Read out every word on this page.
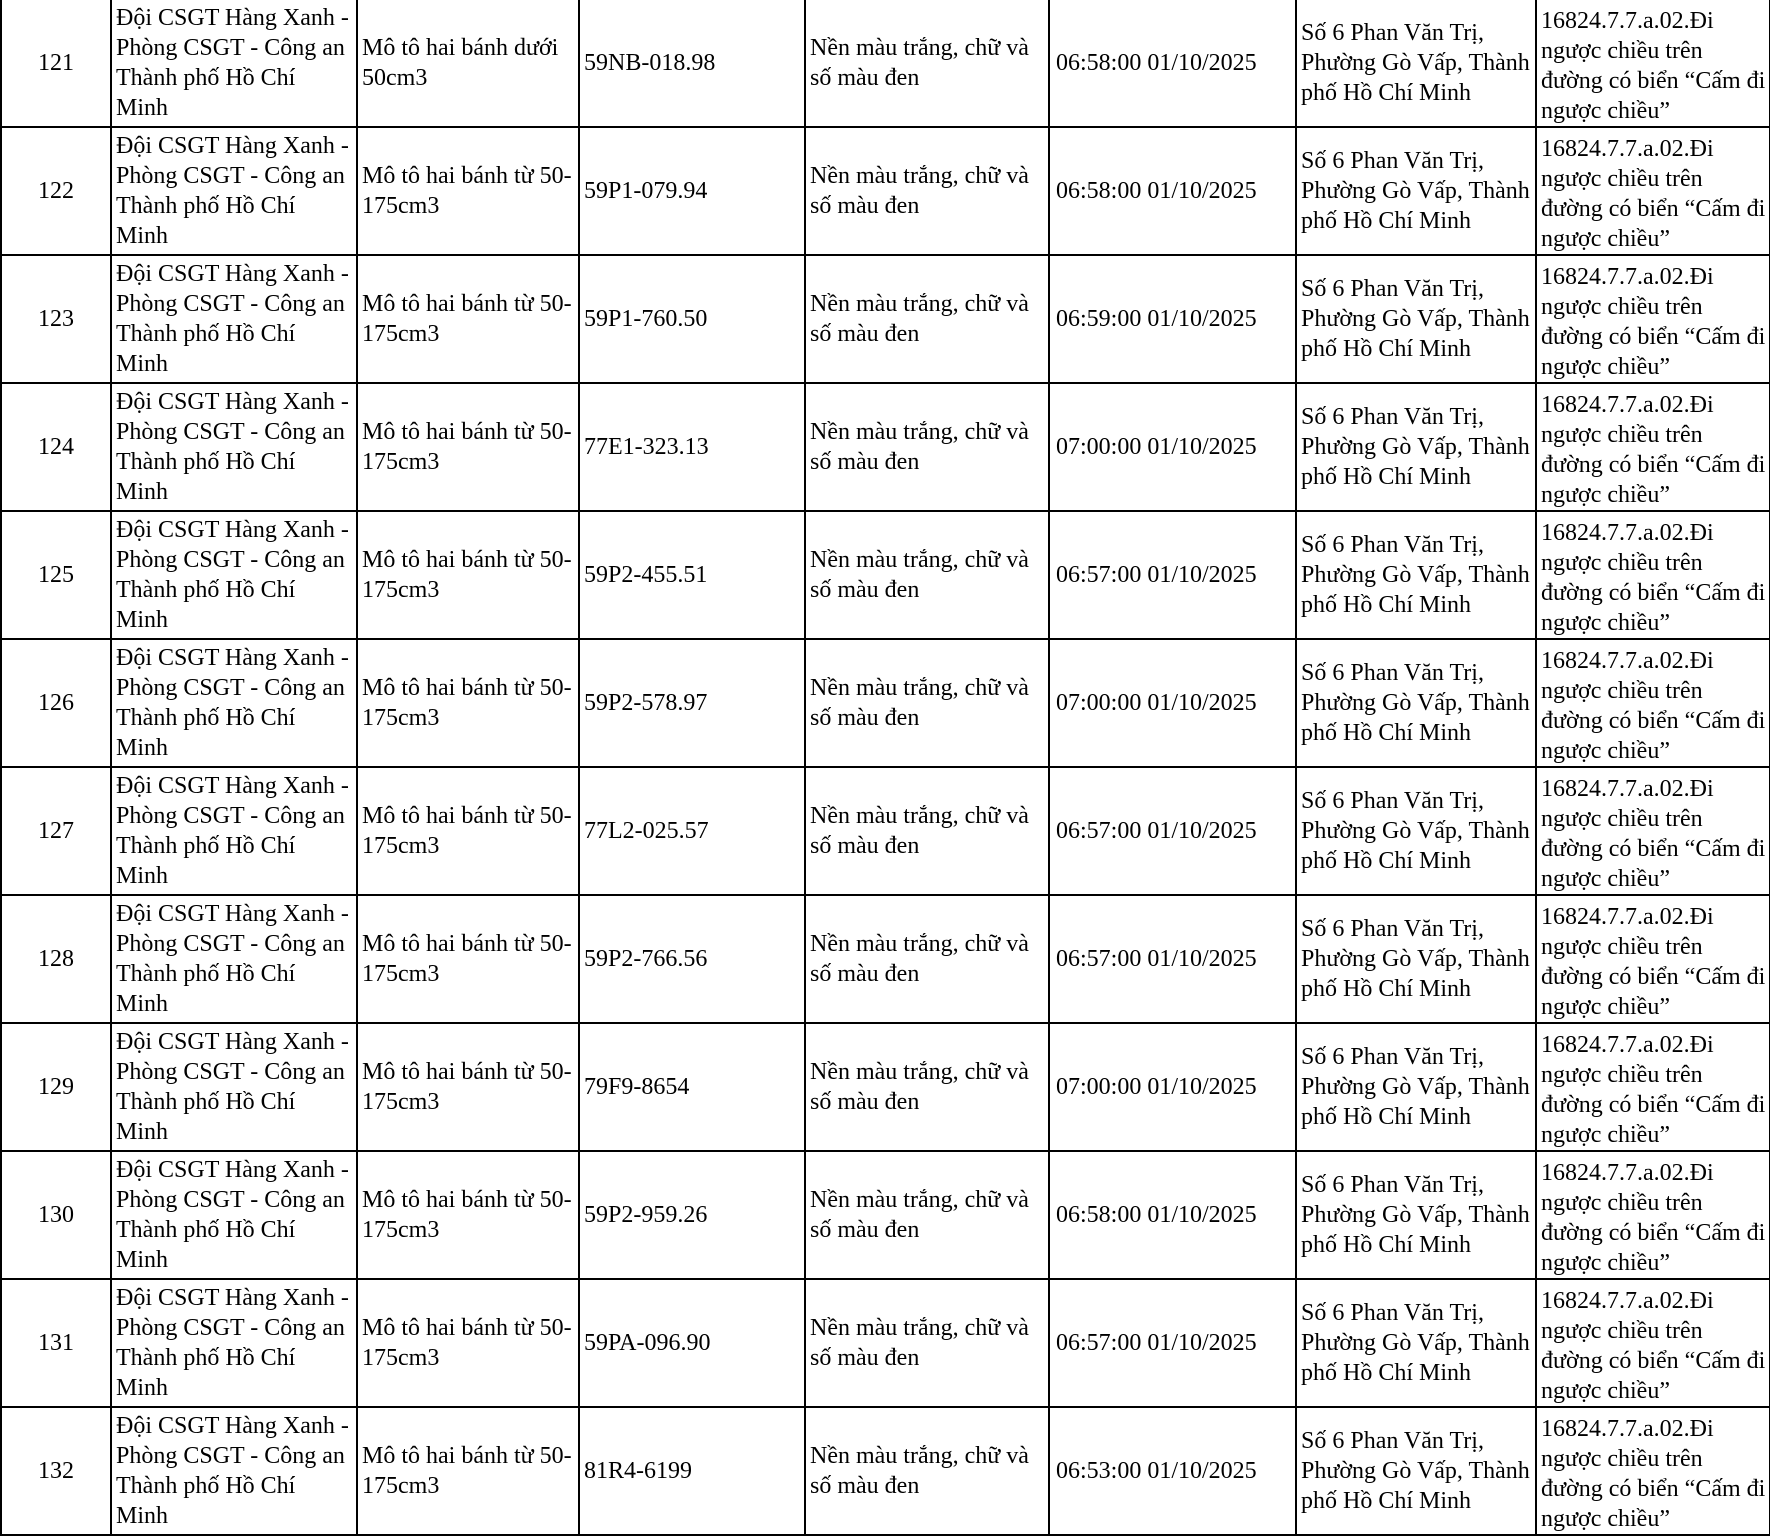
121	Đội CSGT Hàng Xanh - Phòng CSGT - Công an Thành phố Hồ Chí Minh	Mô tô hai bánh dưới 50cm3	59NB-018.98	Nền màu trắng, chữ và số màu đen	06:58:00 01/10/2025	Số 6 Phan Văn Trị, Phường Gò Vấp, Thành phố Hồ Chí Minh	16824.7.7.a.02.Đi ngược chiều trên đường có biển “Cấm đi ngược chiều”
122	Đội CSGT Hàng Xanh - Phòng CSGT - Công an Thành phố Hồ Chí Minh	Mô tô hai bánh từ 50-175cm3	59P1-079.94	Nền màu trắng, chữ và số màu đen	06:58:00 01/10/2025	Số 6 Phan Văn Trị, Phường Gò Vấp, Thành phố Hồ Chí Minh	16824.7.7.a.02.Đi ngược chiều trên đường có biển “Cấm đi ngược chiều”
123	Đội CSGT Hàng Xanh - Phòng CSGT - Công an Thành phố Hồ Chí Minh	Mô tô hai bánh từ 50-175cm3	59P1-760.50	Nền màu trắng, chữ và số màu đen	06:59:00 01/10/2025	Số 6 Phan Văn Trị, Phường Gò Vấp, Thành phố Hồ Chí Minh	16824.7.7.a.02.Đi ngược chiều trên đường có biển “Cấm đi ngược chiều”
124	Đội CSGT Hàng Xanh - Phòng CSGT - Công an Thành phố Hồ Chí Minh	Mô tô hai bánh từ 50-175cm3	77E1-323.13	Nền màu trắng, chữ và số màu đen	07:00:00 01/10/2025	Số 6 Phan Văn Trị, Phường Gò Vấp, Thành phố Hồ Chí Minh	16824.7.7.a.02.Đi ngược chiều trên đường có biển “Cấm đi ngược chiều”
125	Đội CSGT Hàng Xanh - Phòng CSGT - Công an Thành phố Hồ Chí Minh	Mô tô hai bánh từ 50-175cm3	59P2-455.51	Nền màu trắng, chữ và số màu đen	06:57:00 01/10/2025	Số 6 Phan Văn Trị, Phường Gò Vấp, Thành phố Hồ Chí Minh	16824.7.7.a.02.Đi ngược chiều trên đường có biển “Cấm đi ngược chiều”
126	Đội CSGT Hàng Xanh - Phòng CSGT - Công an Thành phố Hồ Chí Minh	Mô tô hai bánh từ 50-175cm3	59P2-578.97	Nền màu trắng, chữ và số màu đen	07:00:00 01/10/2025	Số 6 Phan Văn Trị, Phường Gò Vấp, Thành phố Hồ Chí Minh	16824.7.7.a.02.Đi ngược chiều trên đường có biển “Cấm đi ngược chiều”
127	Đội CSGT Hàng Xanh - Phòng CSGT - Công an Thành phố Hồ Chí Minh	Mô tô hai bánh từ 50-175cm3	77L2-025.57	Nền màu trắng, chữ và số màu đen	06:57:00 01/10/2025	Số 6 Phan Văn Trị, Phường Gò Vấp, Thành phố Hồ Chí Minh	16824.7.7.a.02.Đi ngược chiều trên đường có biển “Cấm đi ngược chiều”
128	Đội CSGT Hàng Xanh - Phòng CSGT - Công an Thành phố Hồ Chí Minh	Mô tô hai bánh từ 50-175cm3	59P2-766.56	Nền màu trắng, chữ và số màu đen	06:57:00 01/10/2025	Số 6 Phan Văn Trị, Phường Gò Vấp, Thành phố Hồ Chí Minh	16824.7.7.a.02.Đi ngược chiều trên đường có biển “Cấm đi ngược chiều”
129	Đội CSGT Hàng Xanh - Phòng CSGT - Công an Thành phố Hồ Chí Minh	Mô tô hai bánh từ 50-175cm3	79F9-8654	Nền màu trắng, chữ và số màu đen	07:00:00 01/10/2025	Số 6 Phan Văn Trị, Phường Gò Vấp, Thành phố Hồ Chí Minh	16824.7.7.a.02.Đi ngược chiều trên đường có biển “Cấm đi ngược chiều”
130	Đội CSGT Hàng Xanh - Phòng CSGT - Công an Thành phố Hồ Chí Minh	Mô tô hai bánh từ 50-175cm3	59P2-959.26	Nền màu trắng, chữ và số màu đen	06:58:00 01/10/2025	Số 6 Phan Văn Trị, Phường Gò Vấp, Thành phố Hồ Chí Minh	16824.7.7.a.02.Đi ngược chiều trên đường có biển “Cấm đi ngược chiều”
131	Đội CSGT Hàng Xanh - Phòng CSGT - Công an Thành phố Hồ Chí Minh	Mô tô hai bánh từ 50-175cm3	59PA-096.90	Nền màu trắng, chữ và số màu đen	06:57:00 01/10/2025	Số 6 Phan Văn Trị, Phường Gò Vấp, Thành phố Hồ Chí Minh	16824.7.7.a.02.Đi ngược chiều trên đường có biển “Cấm đi ngược chiều”
132	Đội CSGT Hàng Xanh - Phòng CSGT - Công an Thành phố Hồ Chí Minh	Mô tô hai bánh từ 50-175cm3	81R4-6199	Nền màu trắng, chữ và số màu đen	06:53:00 01/10/2025	Số 6 Phan Văn Trị, Phường Gò Vấp, Thành phố Hồ Chí Minh	16824.7.7.a.02.Đi ngược chiều trên đường có biển “Cấm đi ngược chiều”
